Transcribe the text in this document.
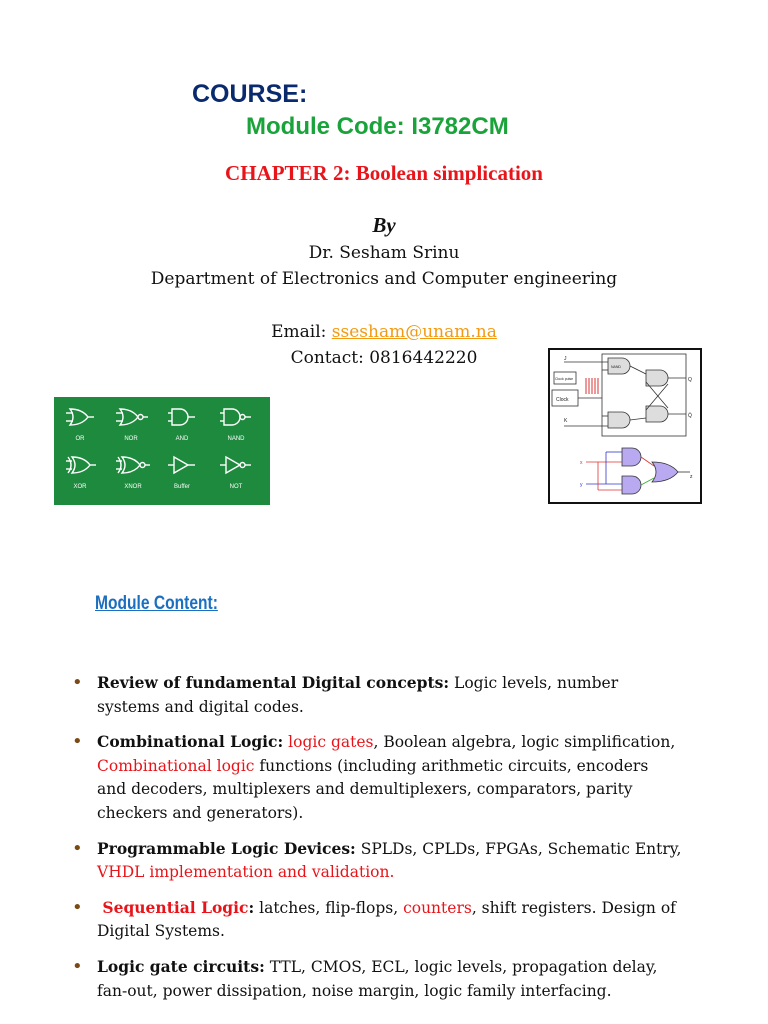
COURSE:
Module Code: I3782CM
CHAPTER 2: Boolean simplication
By
Dr. Sesham Srinu
Department of Electronics and Computer engineering
Email: ssesham@unam.na
Contact: 0816442220
OR	NOR	AND	NAND
XOR	XNOR	Buffer	NOT
J
K
Clock
Clock pulse
NAND
Q
Q̄
x
y
z
Module Content:
• Review of fundamental Digital concepts: Logic levels, number systems and digital codes.
• Combinational Logic: logic gates, Boolean algebra, logic simplification, Combinational logic functions (including arithmetic circuits, encoders and decoders, multiplexers and demultiplexers, comparators, parity checkers and generators).
• Programmable Logic Devices: SPLDs, CPLDs, FPGAs, Schematic Entry, VHDL implementation and validation.
•  Sequential Logic: latches, flip-flops, counters, shift registers. Design of Digital Systems.
• Logic gate circuits: TTL, CMOS, ECL, logic levels, propagation delay, fan-out, power dissipation, noise margin, logic family interfacing.
